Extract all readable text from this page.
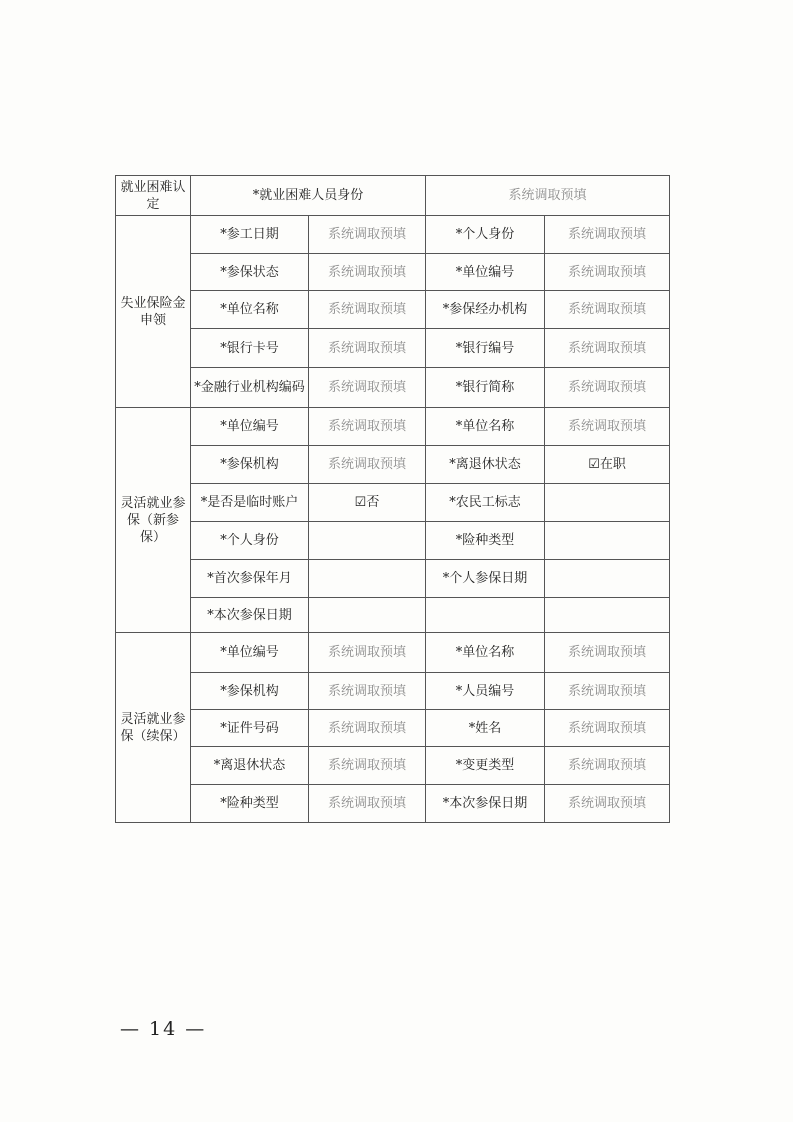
就业困难认定	*就业困难人员身份		系统调取预填	
失业保险金申领	*参工日期	系统调取预填	*个人身份	系统调取预填
	*参保状态	系统调取预填	*单位编号	系统调取预填
	*单位名称	系统调取预填	*参保经办机构	系统调取预填
	*银行卡号	系统调取预填	*银行编号	系统调取预填
	*金融行业机构编码	系统调取预填	*银行简称	系统调取预填
灵活就业参保（新参保）	*单位编号	系统调取预填	*单位名称	系统调取预填
	*参保机构	系统调取预填	*离退休状态	☑在职
	*是否是临时账户	☑否	*农民工标志	
	*个人身份		*险种类型	
	*首次参保年月		*个人参保日期	
	*本次参保日期			
灵活就业参保（续保）	*单位编号	系统调取预填	*单位名称	系统调取预填
	*参保机构	系统调取预填	*人员编号	系统调取预填
	*证件号码	系统调取预填	*姓名	系统调取预填
	*离退休状态	系统调取预填	*变更类型	系统调取预填
	*险种类型	系统调取预填	*本次参保日期	系统调取预填
— 14 —
